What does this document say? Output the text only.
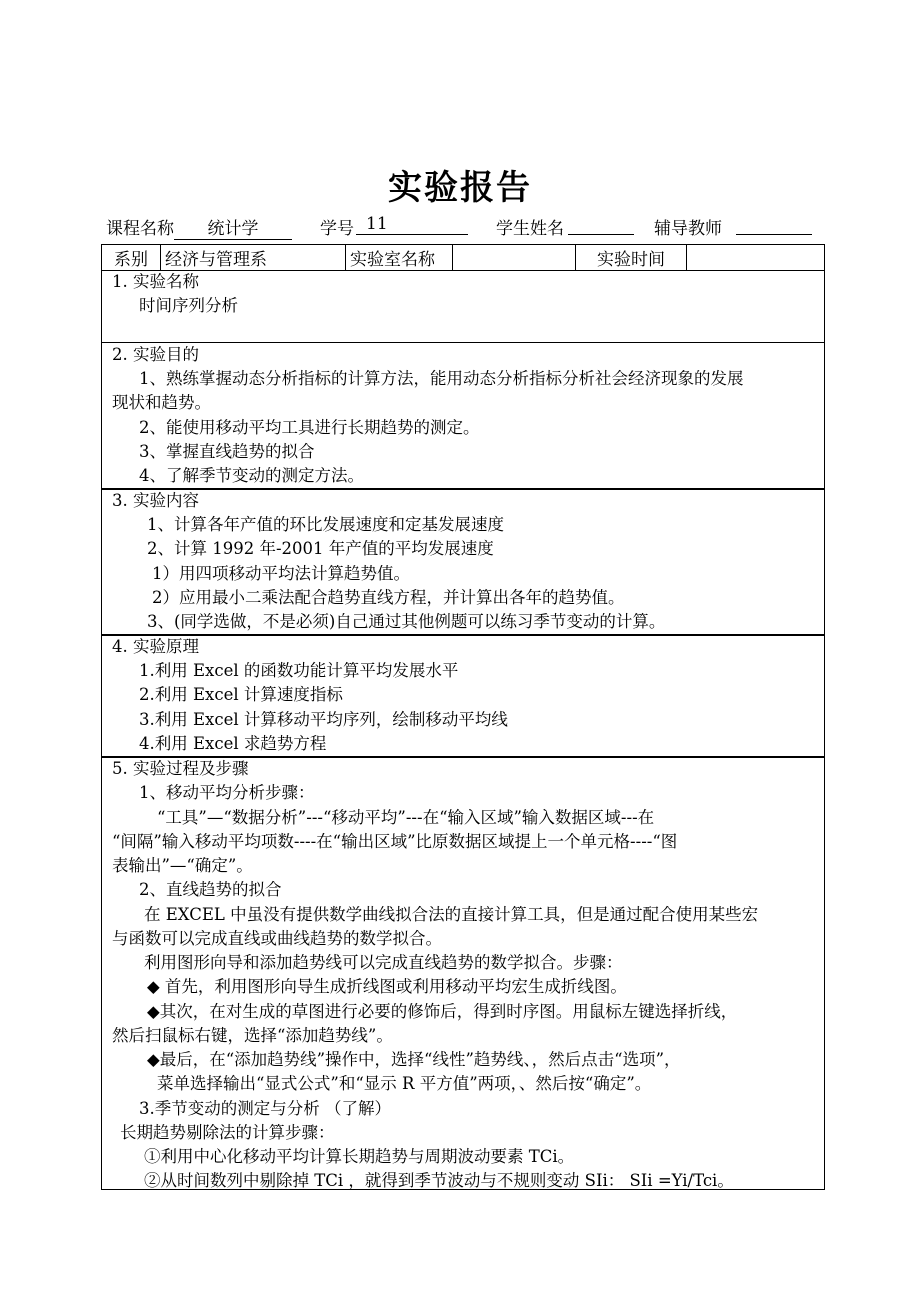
实验报告
课程名称	统计学	学号 11	学生姓名	辅导教师
系别	经济与管理系	实验室名称		实验时间	
1. 实验名称
时间序列分析
2. 实验目的
1、熟练掌握动态分析指标的计算方法，能用动态分析指标分析社会经济现象的发展
现状和趋势。
2、能使用移动平均工具进行长期趋势的测定。
3、掌握直线趋势的拟合
4、了解季节变动的测定方法。
3. 实验内容
1、计算各年产值的环比发展速度和定基发展速度
2、计算 1992 年-2001 年产值的平均发展速度
1）用四项移动平均法计算趋势值。
2）应用最小二乘法配合趋势直线方程，并计算出各年的趋势值。
3、(同学选做，不是必须)自己通过其他例题可以练习季节变动的计算。
4. 实验原理
1.利用 Excel 的函数功能计算平均发展水平
2.利用 Excel 计算速度指标
3.利用 Excel 计算移动平均序列，绘制移动平均线
4.利用 Excel 求趋势方程
5. 实验过程及步骤
1、移动平均分析步骤：
“工具”—“数据分析”---“移动平均”---在“输入区域”输入数据区域---在
“间隔”输入移动平均项数----在“输出区域”比原数据区域提上一个单元格----“图
表输出”—“确定”。
2、直线趋势的拟合
在 EXCEL 中虽没有提供数学曲线拟合法的直接计算工具，但是通过配合使用某些宏
与函数可以完成直线或曲线趋势的数学拟合。
利用图形向导和添加趋势线可以完成直线趋势的数学拟合。步骤：
◆ 首先，利用图形向导生成折线图或利用移动平均宏生成折线图。
◆其次，在对生成的草图进行必要的修饰后，得到时序图。用鼠标左键选择折线，
然后扫鼠标右键，选择“添加趋势线”。
◆最后，在“添加趋势线”操作中，选择“线性”趋势线、，然后点击“选项”，
菜单选择输出“显式公式”和“显示 R 平方值”两项，、然后按“确定”。
3.季节变动的测定与分析 （了解）
长期趋势剔除法的计算步骤：
①利用中心化移动平均计算长期趋势与周期波动要素 TCi。
②从时间数列中剔除掉 TCi ，就得到季节波动与不规则变动 SIi： SIi =Yi/Tci。
